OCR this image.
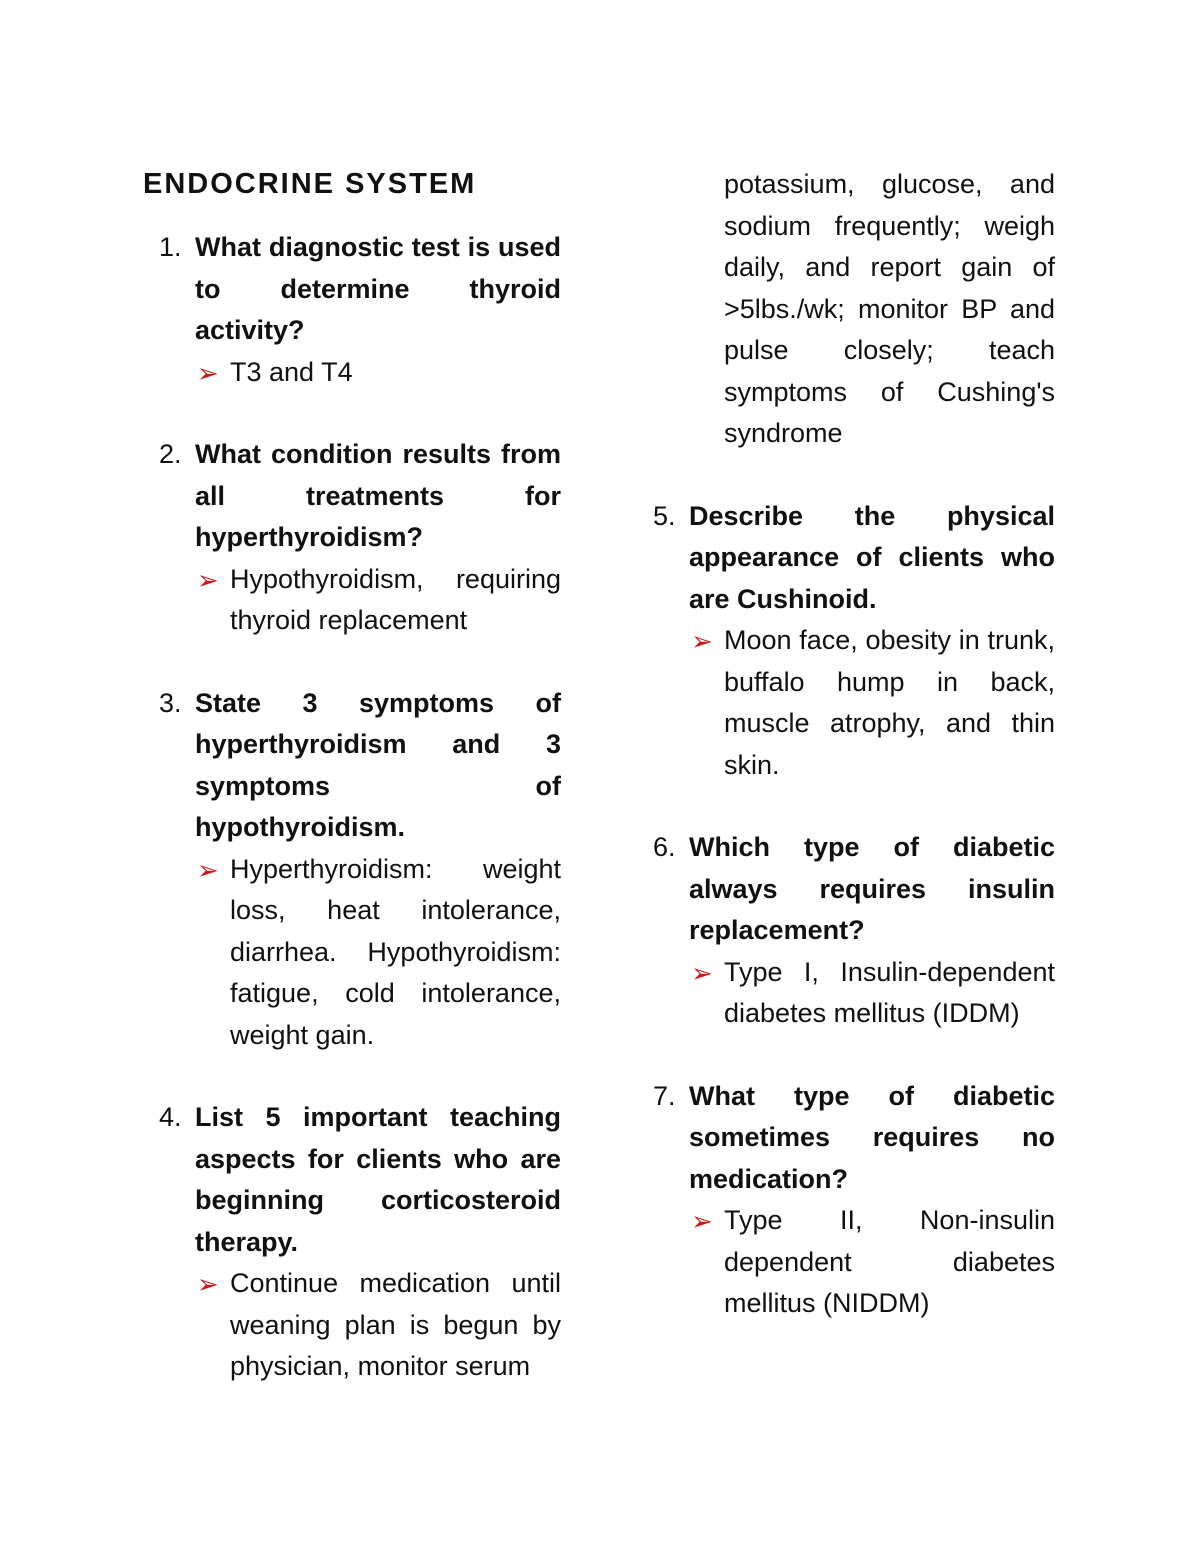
ENDOCRINE SYSTEM
1. What diagnostic test is used to determine thyroid activity?

➢ T3 and T4

2. What condition results from all treatments for hyperthyroidism?

➢ Hypothyroidism, requiring thyroid replacement

3. State 3 symptoms of hyperthyroidism and 3 symptoms of hypothyroidism.

➢ Hyperthyroidism: weight loss, heat intolerance, diarrhea. Hypothyroidism: fatigue, cold intolerance, weight gain.

4. List 5 important teaching aspects for clients who are beginning corticosteroid therapy.

➢ Continue medication until weaning plan is begun by physician, monitor serum

potassium, glucose, and sodium frequently; weigh daily, and report gain of >5lbs./wk; monitor BP and pulse closely; teach symptoms of Cushing's syndrome

5. Describe the physical appearance of clients who are Cushinoid.

➢ Moon face, obesity in trunk, buffalo hump in back, muscle atrophy, and thin skin.

6. Which type of diabetic always requires insulin replacement?

➢ Type I, Insulin-dependent diabetes mellitus (IDDM)

7. What type of diabetic sometimes requires no medication?

➢ Type II, Non-insulin dependent diabetes mellitus (NIDDM)
